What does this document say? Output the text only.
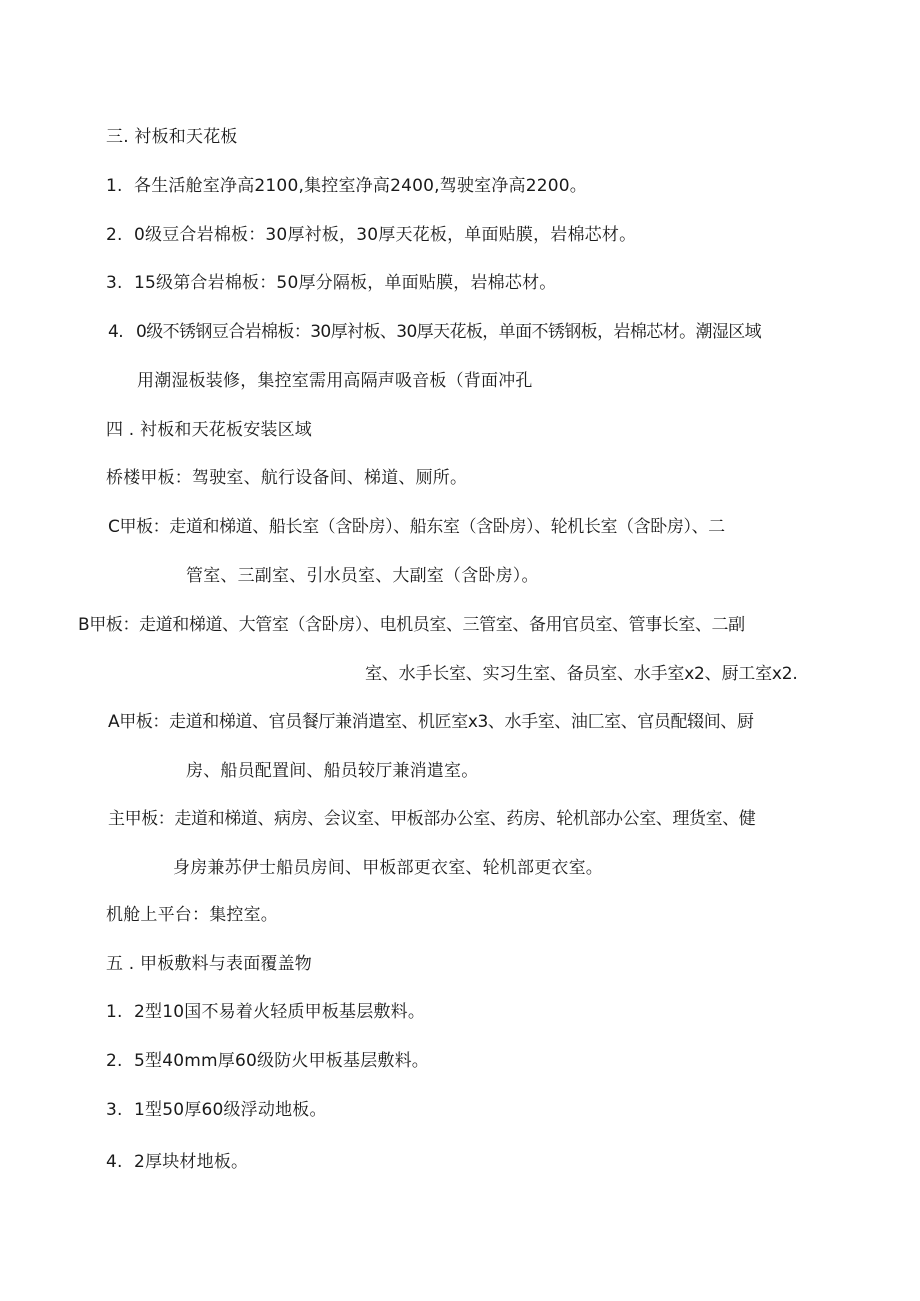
三. 衬板和天花板
1. 各生活舱室净高2100,集控室净高2400,驾驶室净高2200。
2. 0级豆合岩棉板：30厚衬板，30厚天花板，单面贴膜，岩棉芯材。
3. 15级第合岩棉板：50厚分隔板，单面贴膜，岩棉芯材。
4. 0级不锈钢豆合岩棉板：30厚衬板、30厚天花板，单面不锈钢板，岩棉芯材。潮湿区域
用潮湿板装修，集控室需用高隔声吸音板（背面冲孔
四 . 衬板和天花板安装区域
桥楼甲板：驾驶室、航行设备间、梯道、厕所。
C甲板：走道和梯道、船长室（含卧房）、船东室（含卧房）、轮机长室（含卧房）、二
管室、三副室、引水员室、大副室（含卧房）。
B甲板：走道和梯道、大管室（含卧房）、电机员室、三管室、备用官员室、管事长室、二副
室、水手长室、实习生室、备员室、水手室x2、厨工室x2.
A甲板：走道和梯道、官员餐厅兼消遣室、机匠室x3、水手室、油匚室、官员配辍间、厨
房、船员配置间、船员较厅兼消遣室。
主甲板：走道和梯道、病房、会议室、甲板部办公室、药房、轮机部办公室、理货室、健
身房兼苏伊士船员房间、甲板部更衣室、轮机部更衣室。
机舱上平台：集控室。
五 . 甲板敷料与表面覆盖物
1. 2型10国不易着火轻质甲板基层敷料。
2. 5型40mm厚60级防火甲板基层敷料。
3. 1型50厚60级浮动地板。
4. 2厚块材地板。
